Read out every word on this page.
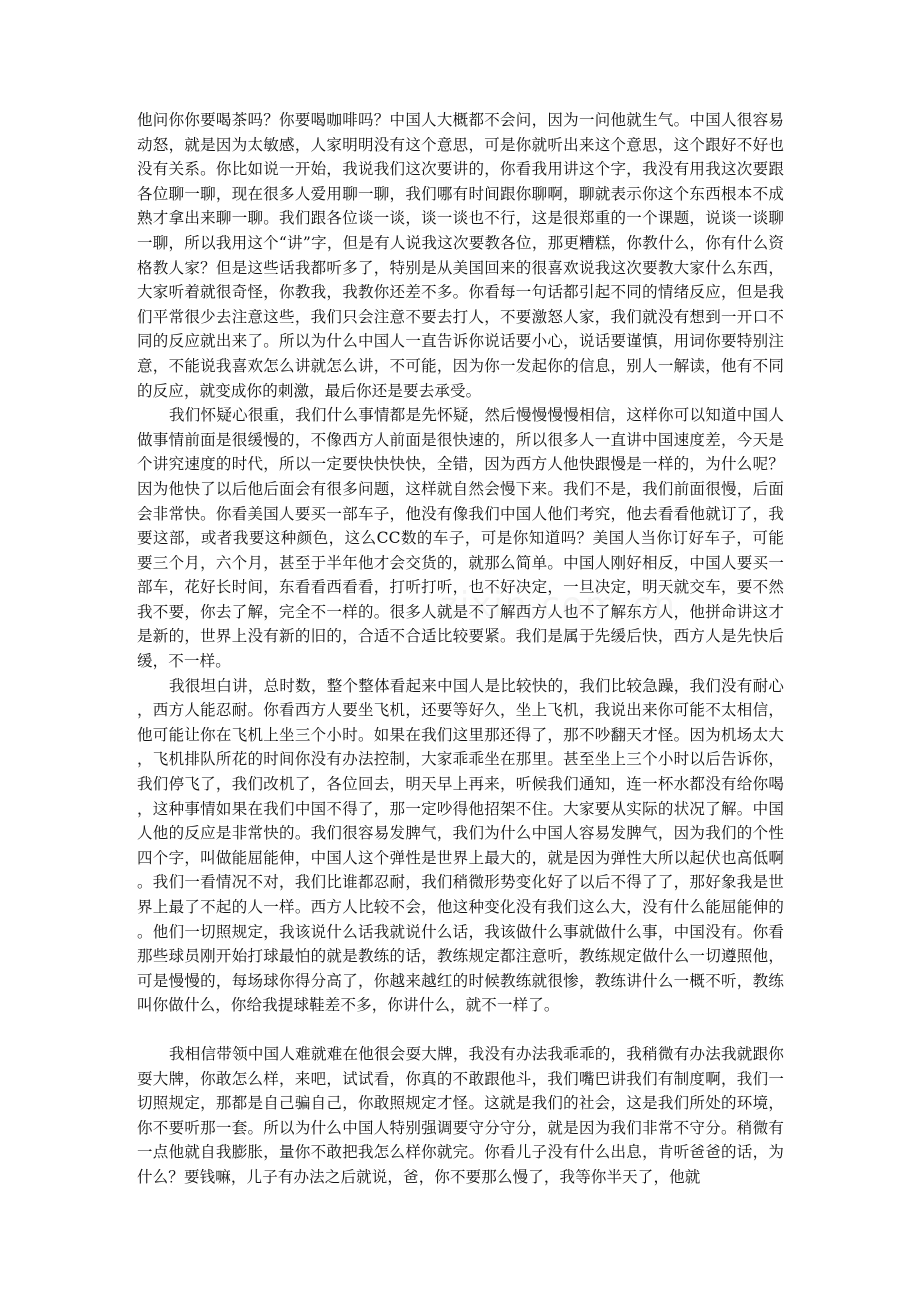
他问你你要喝茶吗？你要喝咖啡吗？中国人大概都不会问，因为一问他就生气。中国人很容易动怒，就是因为太敏感，人家明明没有这个意思，可是你就听出来这个意思，这个跟好不好也没有关系。你比如说一开始，我说我们这次要讲的，你看我用讲这个字，我没有用我这次要跟各位聊一聊，现在很多人爱用聊一聊，我们哪有时间跟你聊啊，聊就表示你这个东西根本不成熟才拿出来聊一聊。我们跟各位谈一谈，谈一谈也不行，这是很郑重的一个课题，说谈一谈聊一聊，所以我用这个“讲”字，但是有人说我这次要教各位，那更糟糕，你教什么，你有什么资格教人家？但是这些话我都听多了，特别是从美国回来的很喜欢说我这次要教大家什么东西，大家听着就很奇怪，你教我，我教你还差不多。你看每一句话都引起不同的情绪反应，但是我们平常很少去注意这些，我们只会注意不要去打人，不要激怒人家，我们就没有想到一开口不同的反应就出来了。所以为什么中国人一直告诉你说话要小心，说话要谨慎，用词你要特别注意，不能说我喜欢怎么讲就怎么讲，不可能，因为你一发起你的信息，别人一解读，他有不同的反应，就变成你的刺激，最后你还是要去承受。

我们怀疑心很重，我们什么事情都是先怀疑，然后慢慢慢慢相信，这样你可以知道中国人做事情前面是很缓慢的，不像西方人前面是很快速的，所以很多人一直讲中国速度差，今天是个讲究速度的时代，所以一定要快快快快，全错，因为西方人他快跟慢是一样的，为什么呢？因为他快了以后他后面会有很多问题，这样就自然会慢下来。我们不是，我们前面很慢，后面会非常快。你看美国人要买一部车子，他没有像我们中国人他们考究，他去看看他就订了，我要这部，或者我要这种颜色，这么CC数的车子，可是你知道吗？美国人当你订好车子，可能要三个月，六个月，甚至于半年他才会交货的，就那么简单。中国人刚好相反，中国人要买一部车，花好长时间，东看看西看看，打听打听，也不好决定，一旦决定，明天就交车，要不然我不要，你去了解，完全不一样的。很多人就是不了解西方人也不了解东方人，他拼命讲这才是新的，世界上没有新的旧的，合适不合适比较要紧。我们是属于先缓后快，西方人是先快后缓，不一样。

我很坦白讲，总时数，整个整体看起来中国人是比较快的，我们比较急躁，我们没有耐心，西方人能忍耐。你看西方人要坐飞机，还要等好久，坐上飞机，我说出来你可能不太相信，他可能让你在飞机上坐三个小时。如果在我们这里那还得了，那不吵翻天才怪。因为机场太大，飞机排队所花的时间你没有办法控制，大家乖乖坐在那里。甚至坐上三个小时以后告诉你，我们停飞了，我们改机了，各位回去，明天早上再来，听候我们通知，连一杯水都没有给你喝，这种事情如果在我们中国不得了，那一定吵得他招架不住。大家要从实际的状况了解。中国人他的反应是非常快的。我们很容易发脾气，我们为什么中国人容易发脾气，因为我们的个性四个字，叫做能屈能伸，中国人这个弹性是世界上最大的，就是因为弹性大所以起伏也高低啊。我们一看情况不对，我们比谁都忍耐，我们稍微形势变化好了以后不得了了，那好象我是世界上最了不起的人一样。西方人比较不会，他这种变化没有我们这么大，没有什么能屈能伸的。他们一切照规定，我该说什么话我就说什么话，我该做什么事就做什么事，中国没有。你看那些球员刚开始打球最怕的就是教练的话，教练规定都注意听，教练规定做什么一切遵照他，可是慢慢的，每场球你得分高了，你越来越红的时候教练就很惨，教练讲什么一概不听，教练叫你做什么，你给我提球鞋差不多，你讲什么，就不一样了。

我相信带领中国人难就难在他很会耍大牌，我没有办法我乖乖的，我稍微有办法我就跟你耍大牌，你敢怎么样，来吧，试试看，你真的不敢跟他斗，我们嘴巴讲我们有制度啊，我们一切照规定，那都是自己骗自己，你敢照规定才怪。这就是我们的社会，这是我们所处的环境，你不要听那一套。所以为什么中国人特别强调要守分守分，就是因为我们非常不守分。稍微有一点他就自我膨胀，量你不敢把我怎么样你就完。你看儿子没有什么出息，肯听爸爸的话，为什么？要钱嘛，儿子有办法之后就说，爸，你不要那么慢了，我等你半天了，他就
